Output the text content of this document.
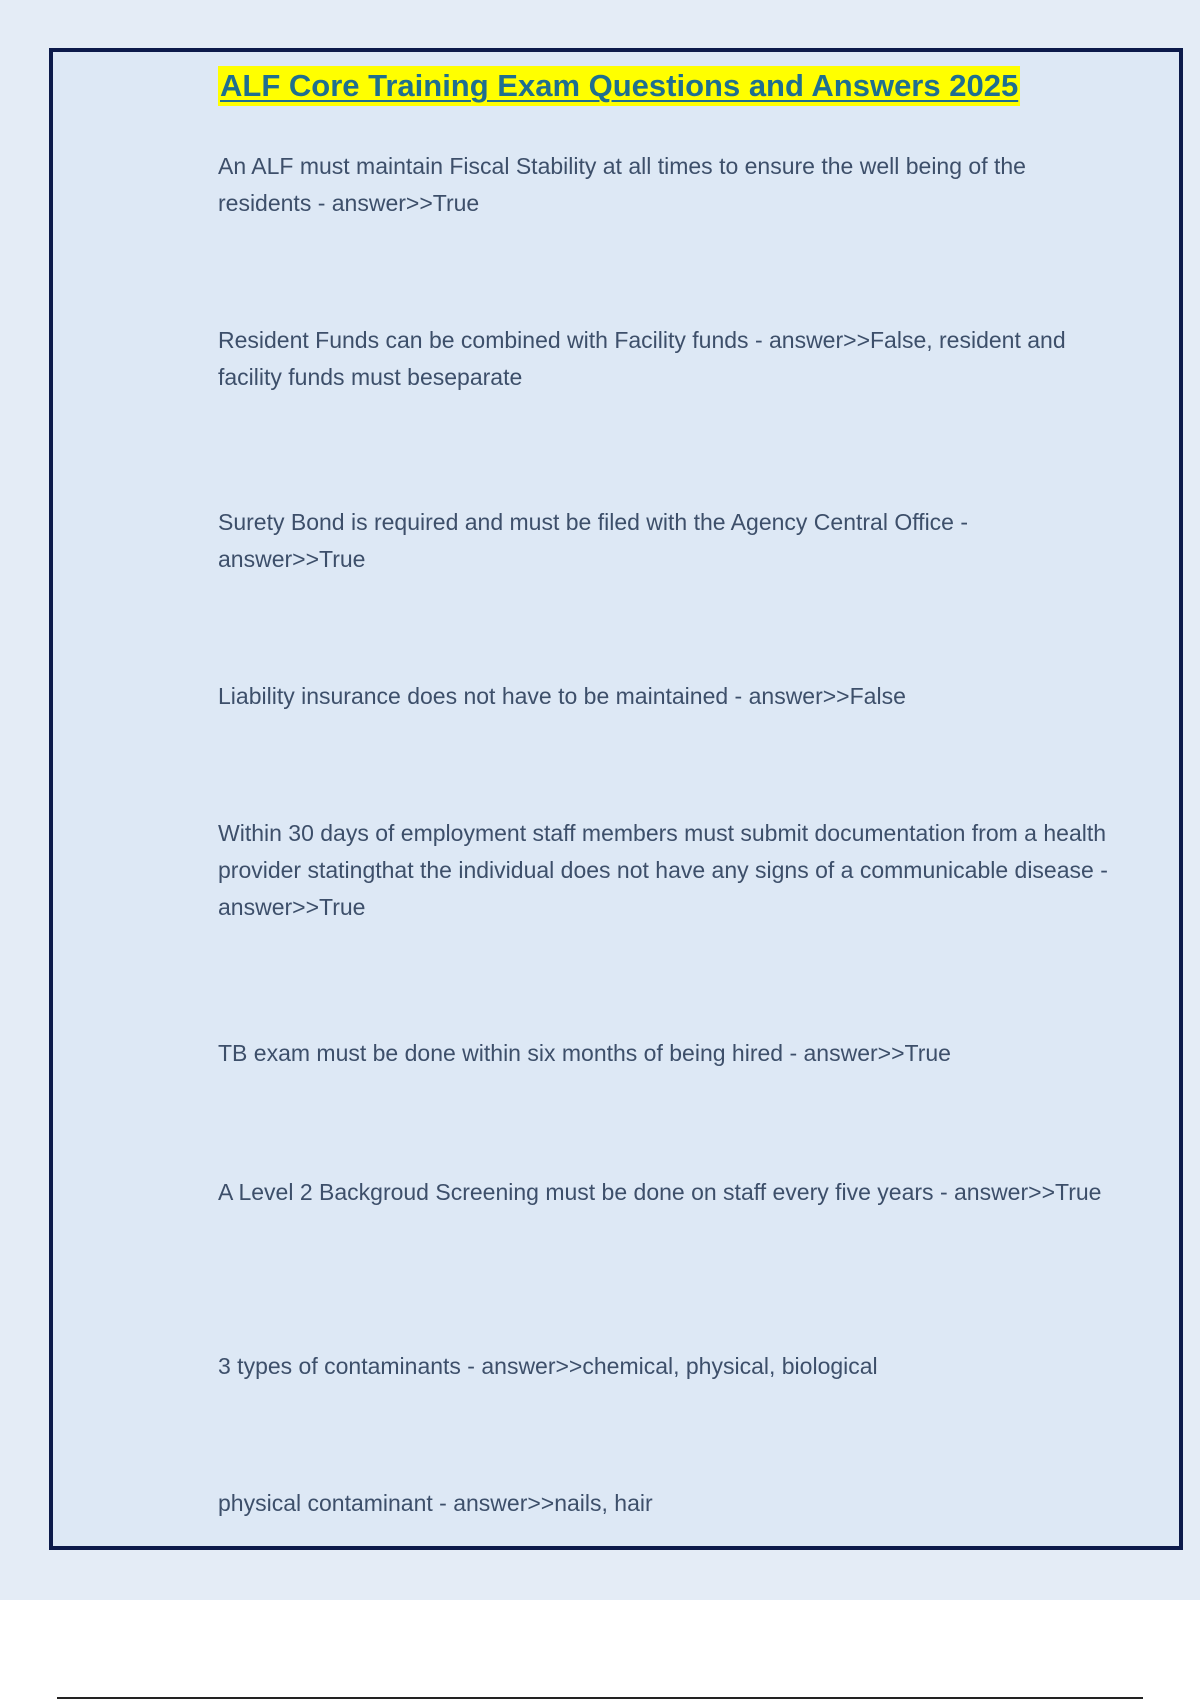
ALF Core Training Exam Questions and Answers 2025

An ALF must maintain Fiscal Stability at all times to ensure the well being of the residents - answer>>True

Resident Funds can be combined with Facility funds - answer>>False, resident and facility funds must beseparate

Surety Bond is required and must be filed with the Agency Central Office - answer>>True

Liability insurance does not have to be maintained - answer>>False

Within 30 days of employment staff members must submit documentation from a health provider statingthat the individual does not have any signs of a communicable disease - answer>>True

TB exam must be done within six months of being hired - answer>>True

A Level 2 Backgroud Screening must be done on staff every five years - answer>>True

3 types of contaminants - answer>>chemical, physical, biological

physical contaminant - answer>>nails, hair
